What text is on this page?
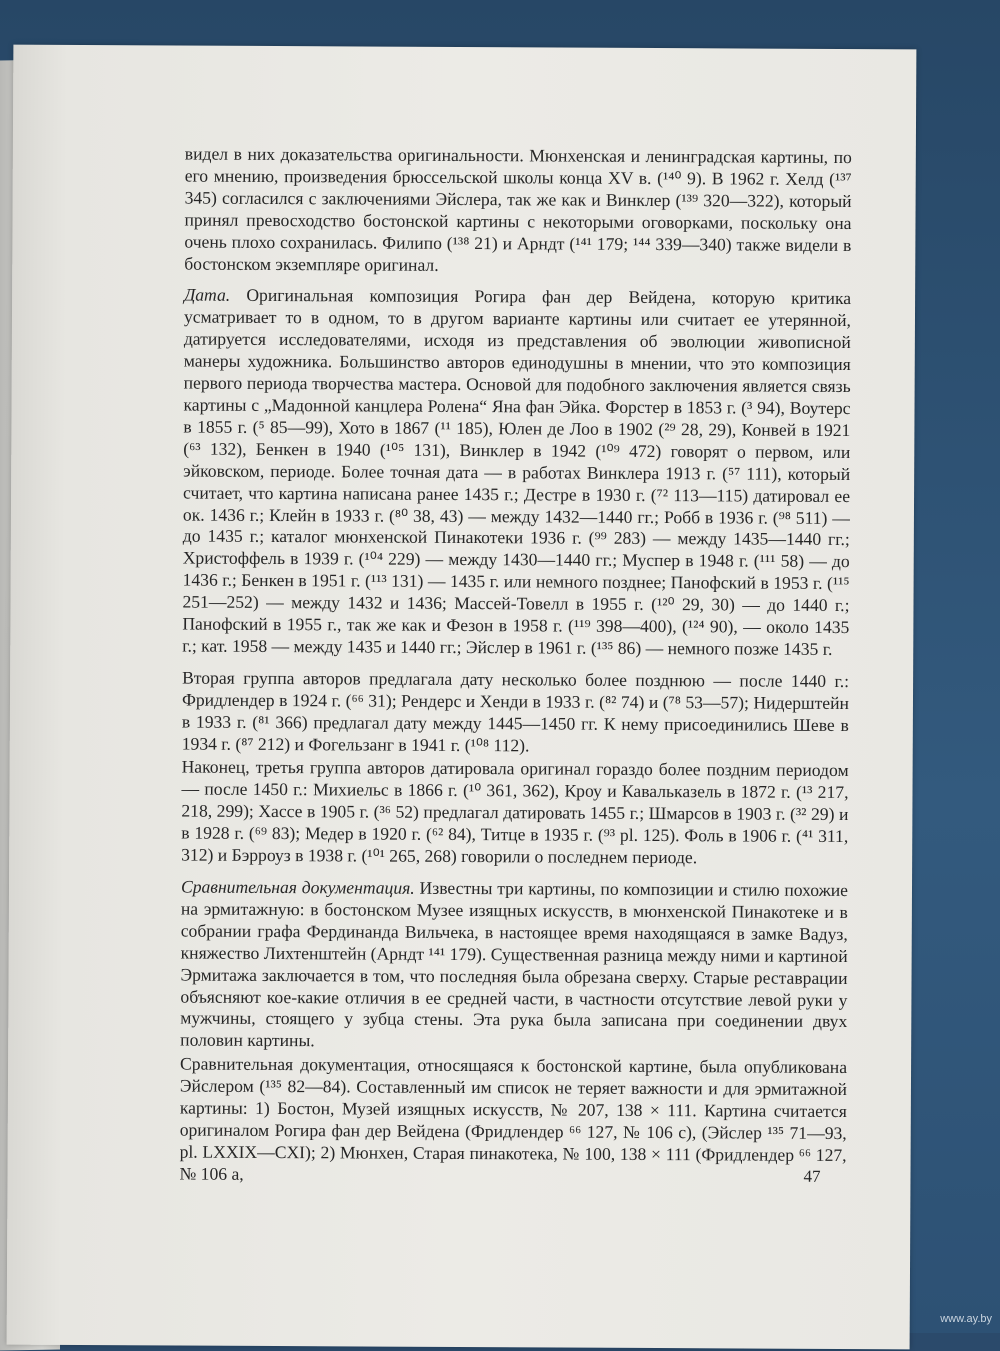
видел в них доказательства оригинальности. Мюнхенская и ленинградская картины, по его мнению, произведения брюссельской школы конца XV в. (¹⁴⁰ 9). В 1962 г. Хелд (¹³⁷ 345) согласился с заключениями Эйслера, так же как и Винклер (¹³⁹ 320—322), который принял превосходство бостонской картины с некоторыми оговорками, поскольку она очень плохо сохранилась. Филипо (¹³⁸ 21) и Арндт (¹⁴¹ 179; ¹⁴⁴ 339—340) также видели в бостонском экземпляре оригинал.

Дата. Оригинальная композиция Рогира фан дер Вейдена, которую критика усматривает то в одном, то в другом варианте картины или считает ее утерянной, датируется исследователями, исходя из представления об эволюции живописной манеры художника. Большинство авторов единодушны в мнении, что это композиция первого периода творчества мастера. Основой для подобного заключения является связь картины с „Мадонной канцлера Ролена“ Яна фан Эйка. Форстер в 1853 г. (³ 94), Воутерс в 1855 г. (⁵ 85—99), Хото в 1867 (¹¹ 185), Юлен де Лоо в 1902 (²⁹ 28, 29), Конвей в 1921 (⁶³ 132), Бенкен в 1940 (¹⁰⁵ 131), Винклер в 1942 (¹⁰⁹ 472) говорят о первом, или эйковском, периоде. Более точная дата — в работах Винклера 1913 г. (⁵⁷ 111), который считает, что картина написана ранее 1435 г.; Дестре в 1930 г. (⁷² 113—115) датировал ее ок. 1436 г.; Клейн в 1933 г. (⁸⁰ 38, 43) — между 1432—1440 гг.; Робб в 1936 г. (⁹⁸ 511) — до 1435 г.; каталог мюнхенской Пинакотеки 1936 г. (⁹⁹ 283) — между 1435—1440 гг.; Христоффель в 1939 г. (¹⁰⁴ 229) — между 1430—1440 гг.; Муспер в 1948 г. (¹¹¹ 58) — до 1436 г.; Бенкен в 1951 г. (¹¹³ 131) — 1435 г. или немного позднее; Панофский в 1953 г. (¹¹⁵ 251—252) — между 1432 и 1436; Массей-Товелл в 1955 г. (¹²⁰ 29, 30) — до 1440 г.; Панофский в 1955 г., так же как и Фезон в 1958 г. (¹¹⁹ 398—400), (¹²⁴ 90), — около 1435 г.; кат. 1958 — между 1435 и 1440 гг.; Эйслер в 1961 г. (¹³⁵ 86) — немного позже 1435 г.

Вторая группа авторов предлагала дату несколько более позднюю — после 1440 г.: Фридлендер в 1924 г. (⁶⁶ 31); Рендерс и Хенди в 1933 г. (⁸² 74) и (⁷⁸ 53—57); Нидерштейн в 1933 г. (⁸¹ 366) предлагал дату между 1445—1450 гг. К нему присоединились Шеве в 1934 г. (⁸⁷ 212) и Фогельзанг в 1941 г. (¹⁰⁸ 112).

Наконец, третья группа авторов датировала оригинал гораздо более поздним периодом — после 1450 г.: Михиельс в 1866 г. (¹⁰ 361, 362), Кроу и Кавальказель в 1872 г. (¹³ 217, 218, 299); Хассе в 1905 г. (³⁶ 52) предлагал датировать 1455 г.; Шмарсов в 1903 г. (³² 29) и в 1928 г. (⁶⁹ 83); Медер в 1920 г. (⁶² 84), Титце в 1935 г. (⁹³ pl. 125). Фоль в 1906 г. (⁴¹ 311, 312) и Бэрроуз в 1938 г. (¹⁰¹ 265, 268) говорили о последнем периоде.

Сравнительная документация. Известны три картины, по композиции и стилю похожие на эрмитажную: в бостонском Музее изящных искусств, в мюнхенской Пинакотеке и в собрании графа Фердинанда Вильчека, в настоящее время находящаяся в замке Вадуз, княжество Лихтенштейн (Арндт ¹⁴¹ 179). Существенная разница между ними и картиной Эрмитажа заключается в том, что последняя была обрезана сверху. Старые реставрации объясняют кое-какие отличия в ее средней части, в частности отсутствие левой руки у мужчины, стоящего у зубца стены. Эта рука была записана при соединении двух половин картины.

Сравнительная документация, относящаяся к бостонской картине, была опубликована Эйслером (¹³⁵ 82—84). Составленный им список не теряет важности и для эрмитажной картины: 1) Бостон, Музей изящных искусств, № 207, 138 × 111. Картина считается оригиналом Рогира фан дер Вейдена (Фридлендер ⁶⁶ 127, № 106 с), (Эйслер ¹³⁵ 71—93, pl. LXXIX—CXI); 2) Мюнхен, Старая пинакотека, № 100, 138 × 111 (Фридлендер ⁶⁶ 127, № 106 а,	47
www.ay.by
